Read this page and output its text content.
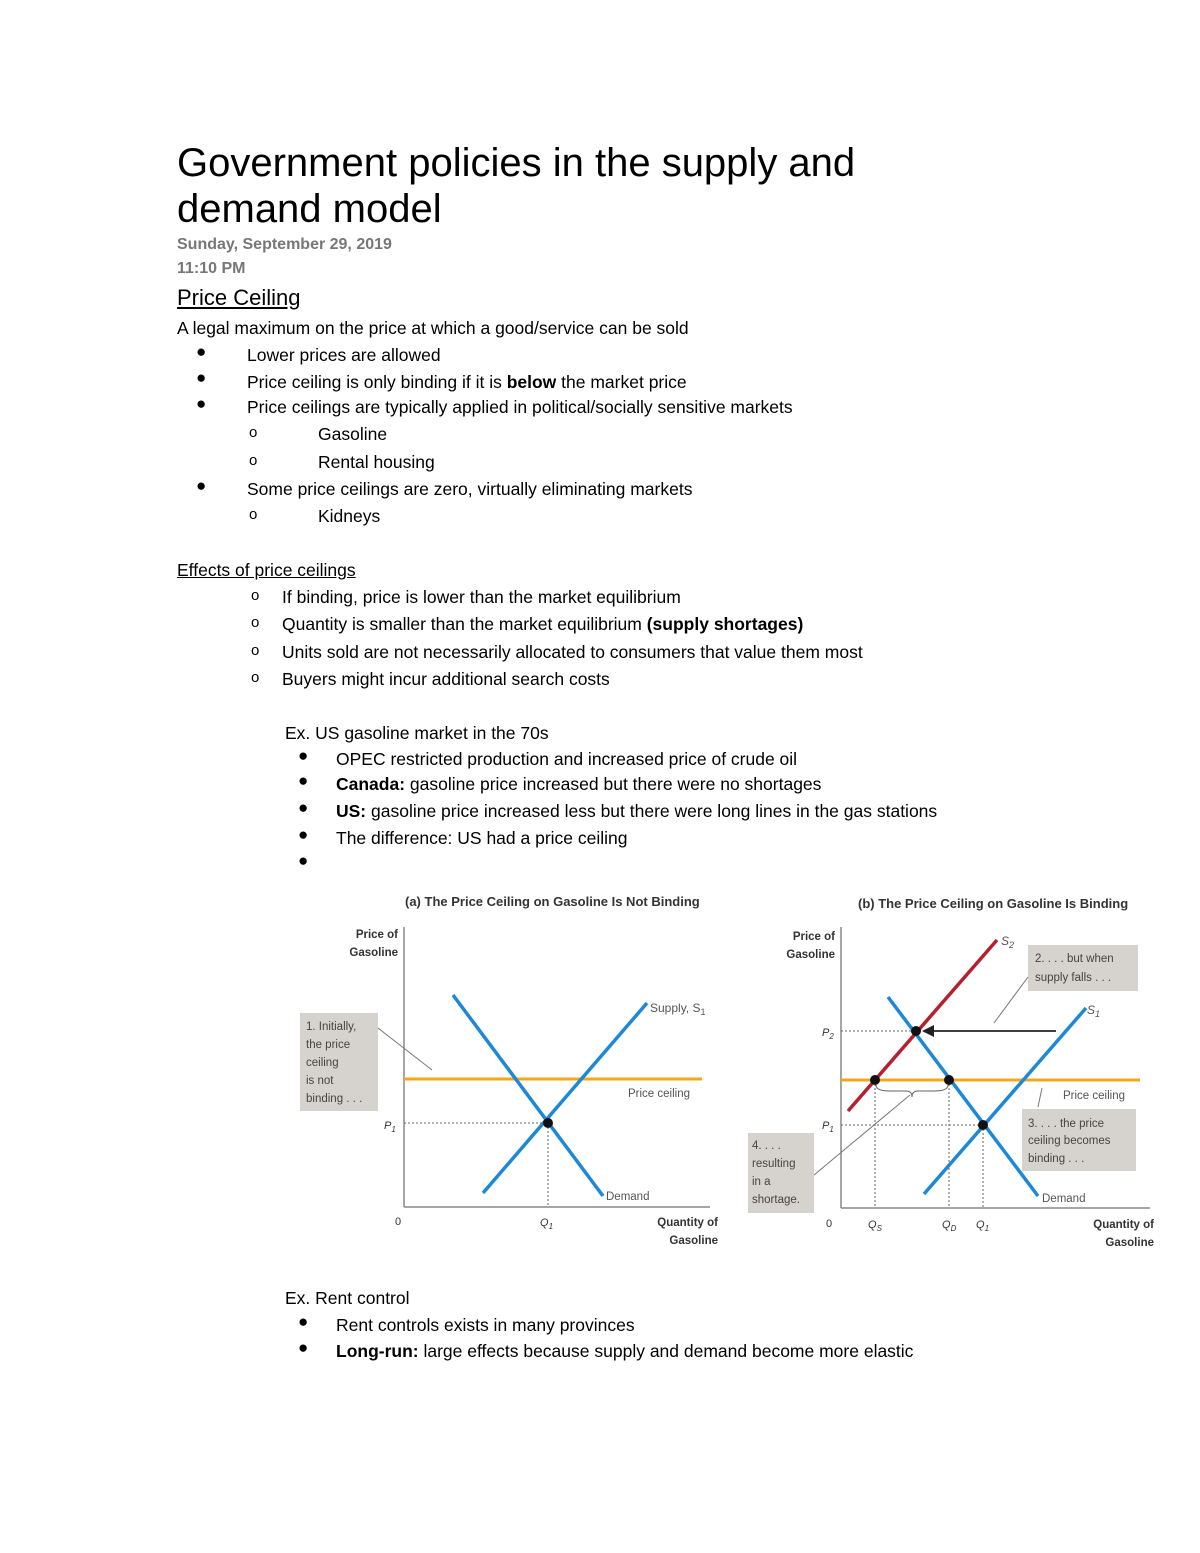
Government policies in the supply and demand model
Sunday, September 29, 2019
11:10 PM
Price Ceiling
A legal maximum on the price at which a good/service can be sold
● Lower prices are allowed
● Price ceiling is only binding if it is below the market price
● Price ceilings are typically applied in political/socially sensitive markets
o	Gasoline
o	Rental housing
● Some price ceilings are zero, virtually eliminating markets
o	Kidneys
Effects of price ceilings
o If binding, price is lower than the market equilibrium
o Quantity is smaller than the market equilibrium (supply shortages)
o Units sold are not necessarily allocated to consumers that value them most
o Buyers might incur additional search costs
Ex. US gasoline market in the 70s
● OPEC restricted production and increased price of crude oil
● Canada: gasoline price increased but there were no shortages
● US: gasoline price increased less but there were long lines in the gas stations
● The difference: US had a price ceiling
●
(a) The Price Ceiling on Gasoline Is Not Binding
Price of
Gasoline
0	Quantity of
Gasoline
Price ceiling
Supply, $S_1$
Demand
$P_1$
$Q_1$
1. Initially,
the price
ceiling
is not
binding . . .
(b) The Price Ceiling on Gasoline Is Binding
Price of
Gasoline
0	Quantity of
Gasoline
Price ceiling
$S_2$
$S_1$
Demand
$P_2$
$P_1$
$Q_S$	$Q_D$ $Q_1$
2. . . . but when
supply falls . . .
3. . . . the price
ceiling becomes
binding . . .
4. . . .
resulting
in a
shortage.
Ex. Rent control
● Rent controls exists in many provinces
● Long-run: large effects because supply and demand become more elastic
